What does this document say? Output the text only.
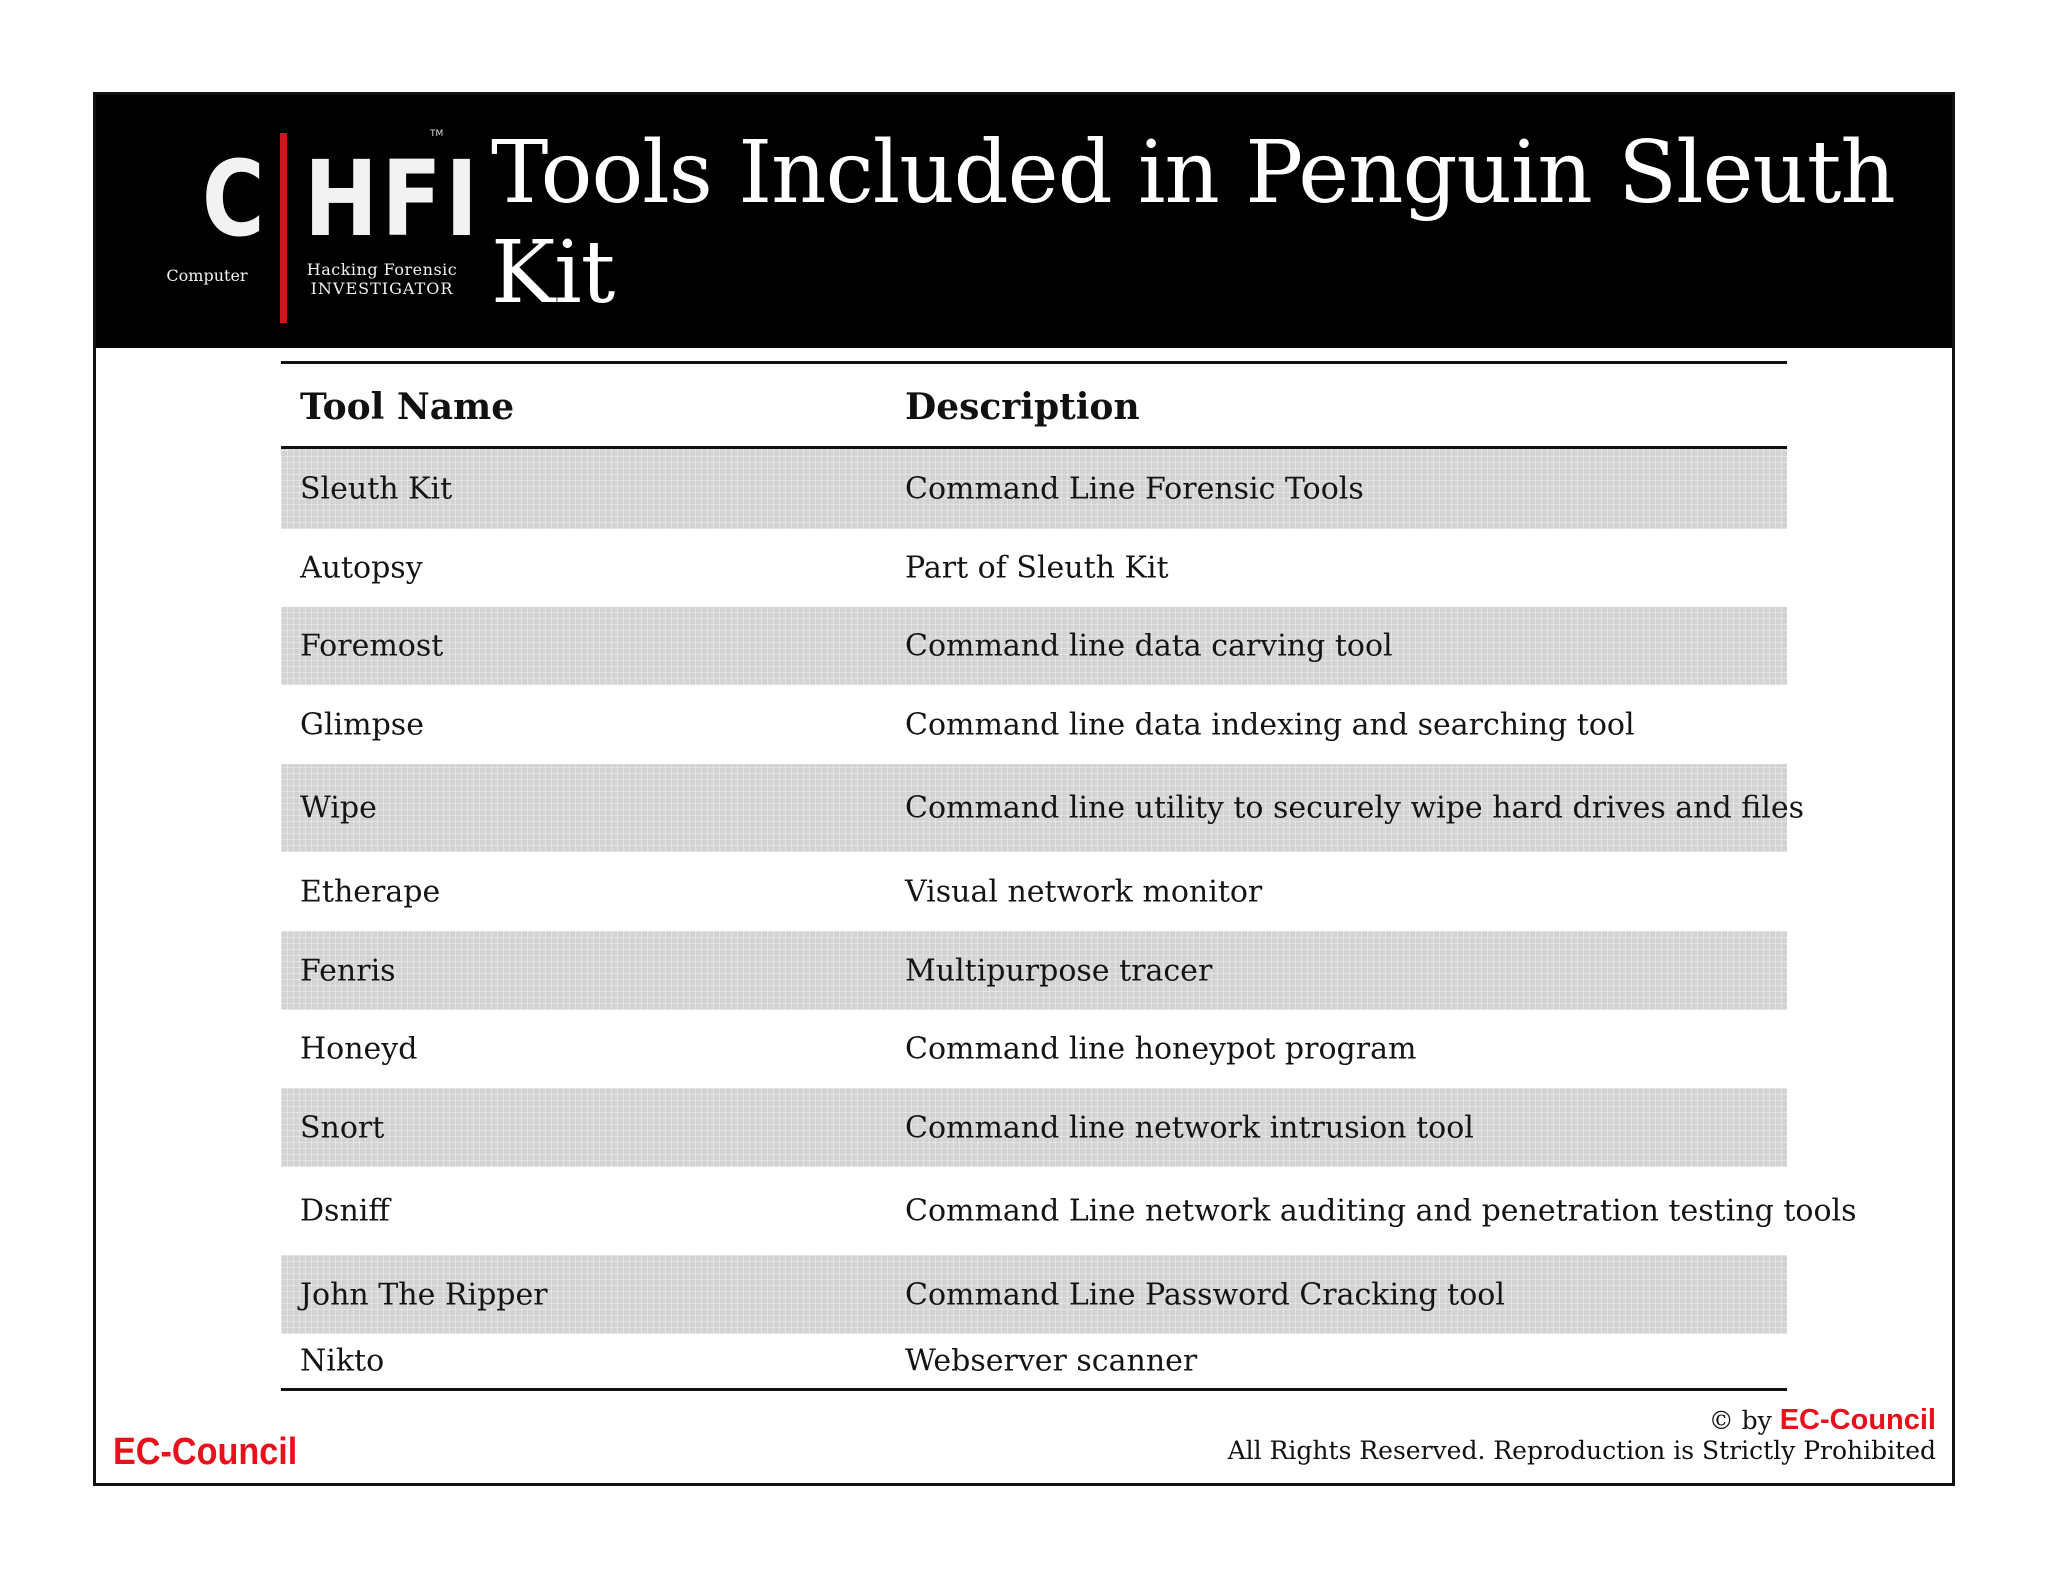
C HFI
TM
Computer	Hacking Forensic
INVESTIGATOR
Tools Included in Penguin Sleuth Kit
Tool Name	Description
Sleuth Kit	Command Line Forensic Tools
Autopsy	Part of Sleuth Kit
Foremost	Command line data carving tool
Glimpse	Command line data indexing and searching tool
Wipe	Command line utility to securely wipe hard drives and files
Etherape	Visual network monitor
Fenris	Multipurpose tracer
Honeyd	Command line honeypot program
Snort	Command line network intrusion tool
Dsniff	Command Line network auditing and penetration testing tools
John The Ripper	Command Line Password Cracking tool
Nikto	Webserver scanner
EC-Council
© by EC-Council
All Rights Reserved. Reproduction is Strictly Prohibited
